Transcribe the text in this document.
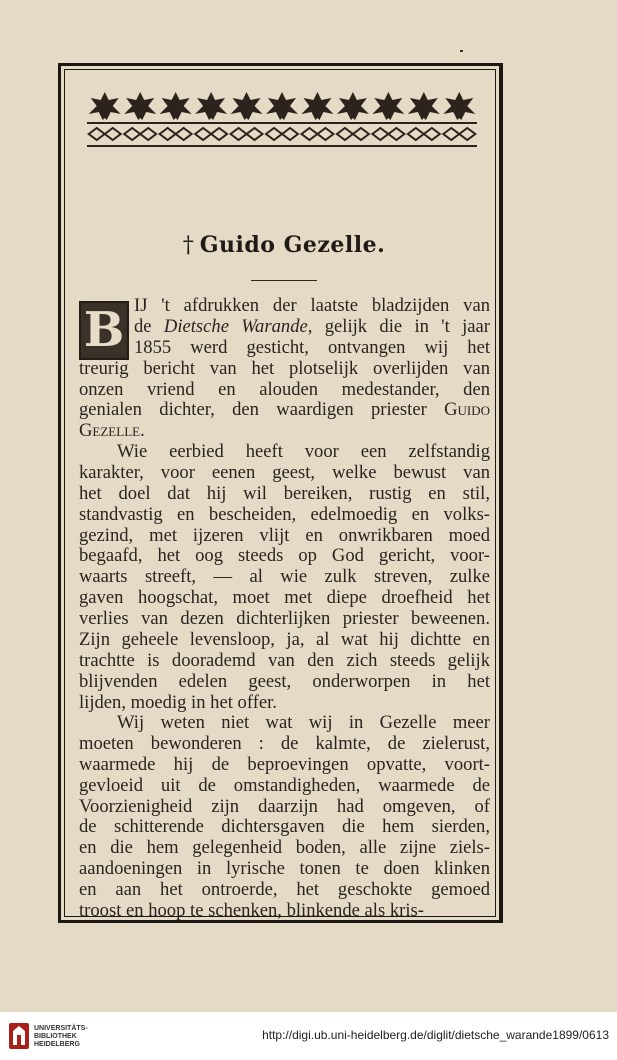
† Guido Gezelle.
B IJ 't afdrukken der laatste bladzijden van
de Dietsche Warande, gelijk die in 't jaar
1855 werd gesticht, ontvangen wij het
treurig bericht van het plotselijk overlijden van
onzen vriend en alouden medestander, den
genialen dichter, den waardigen priester Guido
Gezelle.
Wie eerbied heeft voor een zelfstandig
karakter, voor eenen geest, welke bewust van
het doel dat hij wil bereiken, rustig en stil,
standvastig en bescheiden, edelmoedig en volks-
gezind, met ijzeren vlijt en onwrikbaren moed
begaafd, het oog steeds op God gericht, voor-
waarts streeft, — al wie zulk streven, zulke
gaven hoogschat, moet met diepe droefheid het
verlies van dezen dichterlijken priester beweenen.
Zijn geheele levensloop, ja, al wat hij dichtte en
trachtte is doorademd van den zich steeds gelijk
blijvenden edelen geest, onderworpen in het
lijden, moedig in het offer.
Wij weten niet wat wij in Gezelle meer
moeten bewonderen : de kalmte, de zielerust,
waarmede hij de beproevingen opvatte, voort-
gevloeid uit de omstandigheden, waarmede de
Voorzienigheid zijn daarzijn had omgeven, of
de schitterende dichtersgaven die hem sierden,
en die hem gelegenheid boden, alle zijne ziels-
aandoeningen in lyrische tonen te doen klinken
en aan het ontroerde, het geschokte gemoed
troost en hoop te schenken, blinkende als kris-
UNIVERSITÄTS-
BIBLIOTHEK
HEIDELBERG
http://digi.ub.uni-heidelberg.de/diglit/dietsche_warande1899/0613
